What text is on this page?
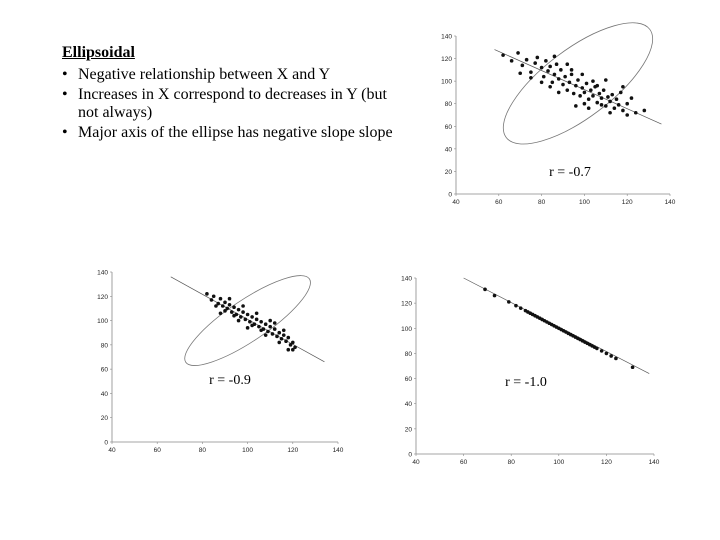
Ellipsoidal
• Negative relationship between X and Y
• Increases in X correspond to decreases in Y (but not always)
• Major axis of the ellipse has negative slope slope
40	60	80	100	120	140
0
20
40
60
80
100
120
140
r = -0.7
40	60	80	100	120	140
0
20
40
60
80
100
120
140
r = -0.9
40	60	80	100	120	140
0
20
40
60
80
100
120
140
r = -1.0
